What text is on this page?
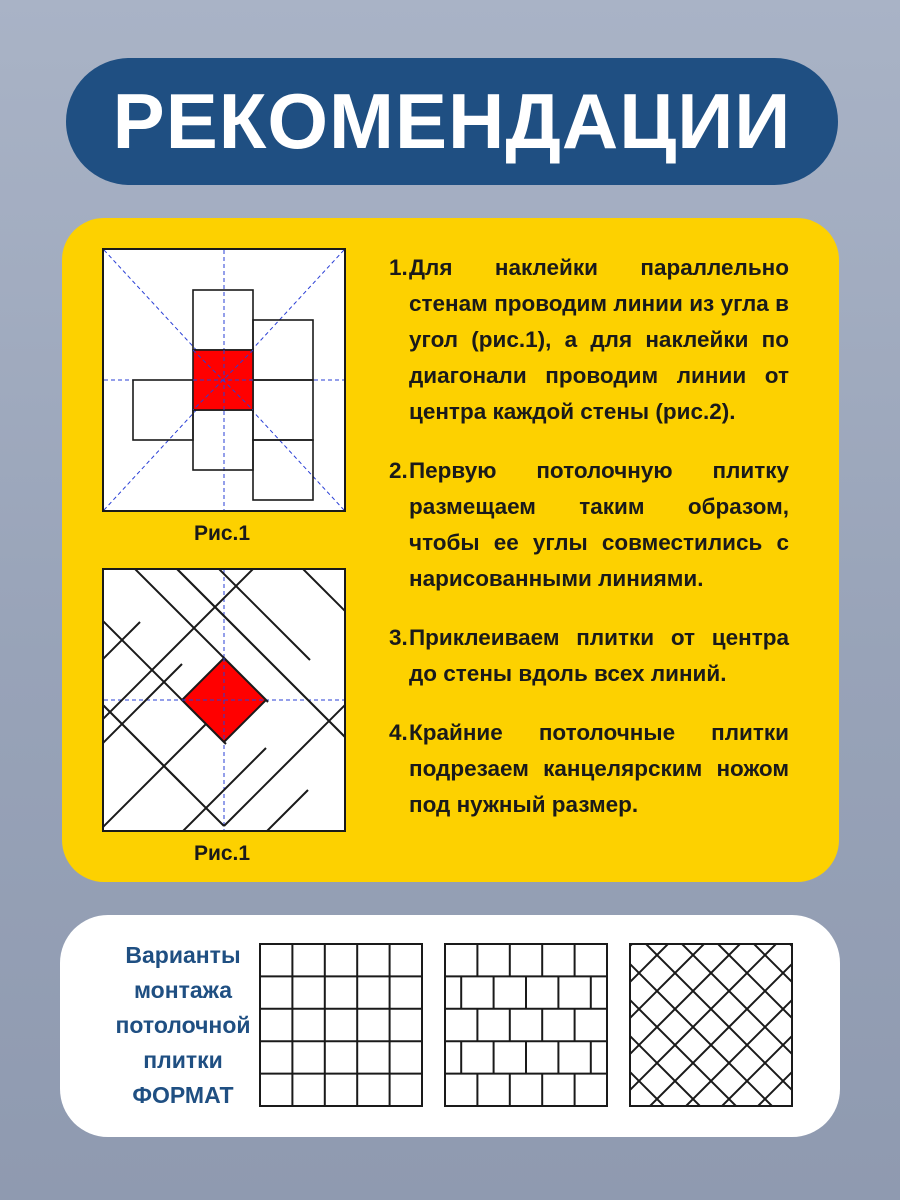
РЕКОМЕНДАЦИИ
Рис.1
Рис.1
1. Для наклейки параллельно стенам проводим линии из угла в угол (рис.1), а для наклейки по диагонали проводим линии от центра каждой стены (рис.2).
2. Первую потолочную плитку размещаем таким образом, чтобы ее углы совместились с нарисованными линиями.
3. Приклеиваем плитки от центра до стены вдоль всех линий.
4. Крайние потолочные плитки подрезаем канцелярским ножом под нужный размер.
Варианты
монтажа
потолочной
плитки
ФОРМАТ
